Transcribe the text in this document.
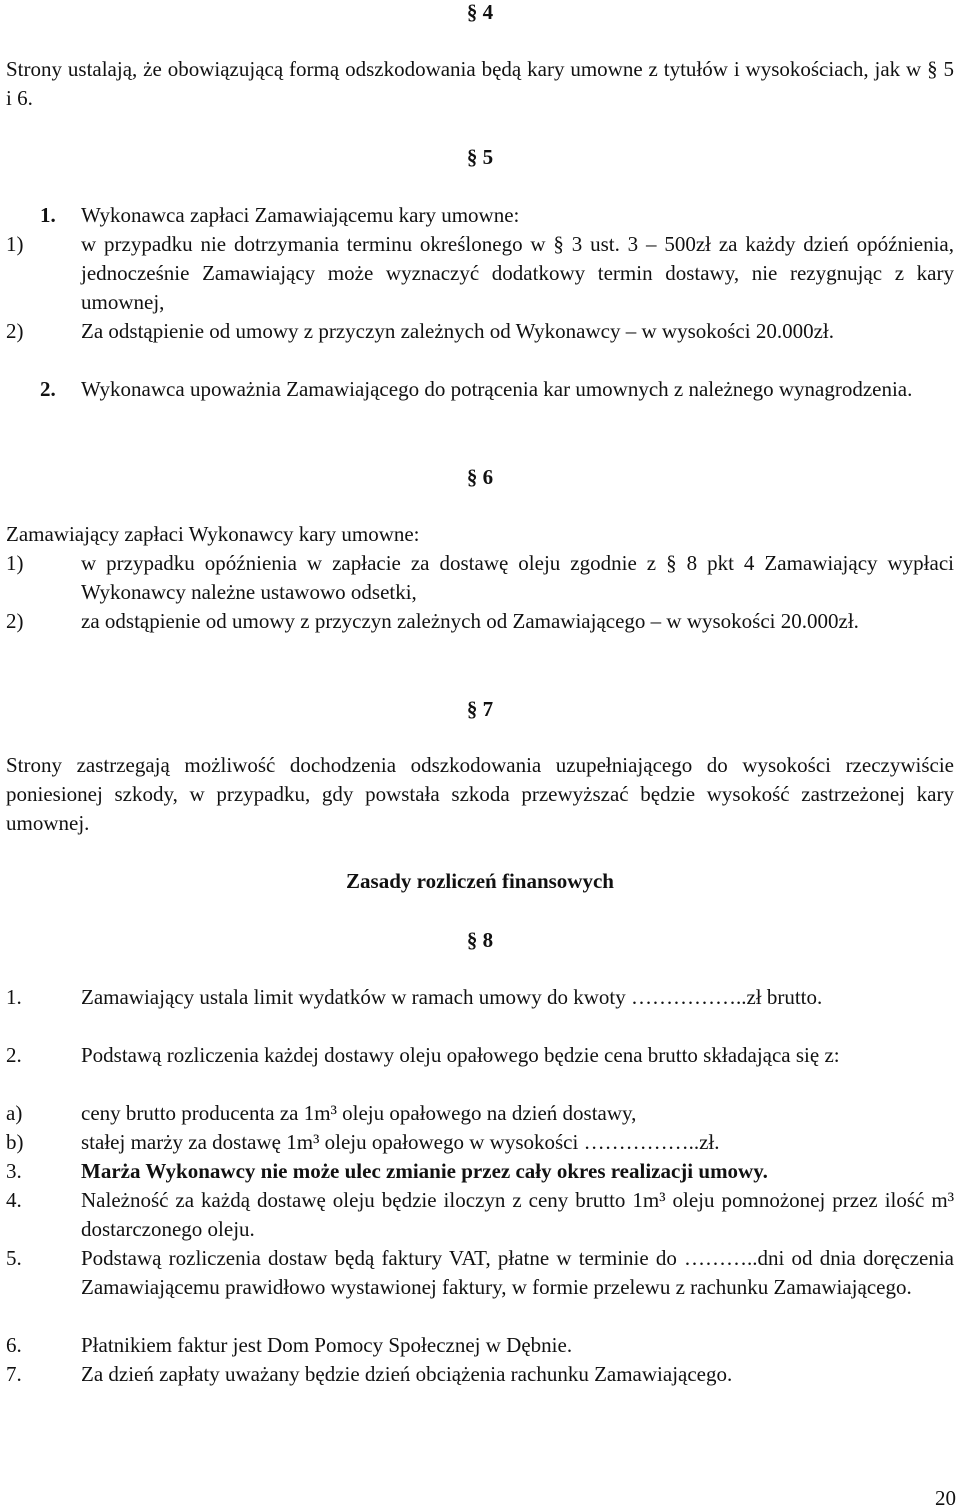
§ 4
Strony ustalają, że obowiązującą formą odszkodowania będą kary umowne z tytułów i wysokościach, jak w § 5 i 6.
§ 5
1. Wykonawca zapłaci Zamawiającemu kary umowne:
1)	w przypadku nie dotrzymania terminu określonego w § 3 ust. 3 – 500zł za każdy dzień opóźnienia, jednocześnie Zamawiający może wyznaczyć dodatkowy termin dostawy, nie rezygnując z kary umownej,
2)	Za odstąpienie od umowy z przyczyn zależnych od Wykonawcy – w wysokości 20.000zł.
2. Wykonawca upoważnia Zamawiającego do potrącenia kar umownych z należnego wynagrodzenia.
§ 6
Zamawiający zapłaci Wykonawcy kary umowne:
1)	w przypadku opóźnienia w zapłacie za dostawę oleju zgodnie z § 8 pkt 4 Zamawiający wypłaci Wykonawcy należne ustawowo odsetki,
2)	za odstąpienie od umowy z przyczyn zależnych od Zamawiającego – w wysokości 20.000zł.
§ 7
Strony zastrzegają możliwość dochodzenia odszkodowania uzupełniającego do wysokości rzeczywiście poniesionej szkody, w przypadku, gdy powstała szkoda przewyższać będzie wysokość zastrzeżonej kary umownej.
Zasady rozliczeń finansowych
§ 8
1.	Zamawiający ustala limit wydatków w ramach umowy do kwoty ……………..zł brutto.
2.	Podstawą rozliczenia każdej dostawy oleju opałowego będzie cena brutto składająca się z:
a)	ceny brutto producenta za 1m³ oleju opałowego na dzień dostawy,
b)	stałej marży za dostawę 1m³ oleju opałowego w wysokości ……………..zł.
3.	Marża Wykonawcy nie może ulec zmianie przez cały okres realizacji umowy.
4.	Należność za każdą dostawę oleju będzie iloczyn z ceny brutto 1m³ oleju pomnożonej przez ilość m³ dostarczonego oleju.
5.	Podstawą rozliczenia dostaw będą faktury VAT, płatne w terminie do ………..dni od dnia doręczenia Zamawiającemu prawidłowo wystawionej faktury, w formie przelewu z rachunku Zamawiającego.
6.	Płatnikiem faktur jest Dom Pomocy Społecznej w Dębnie.
7.	Za dzień zapłaty uważany będzie dzień obciążenia rachunku Zamawiającego.
20
